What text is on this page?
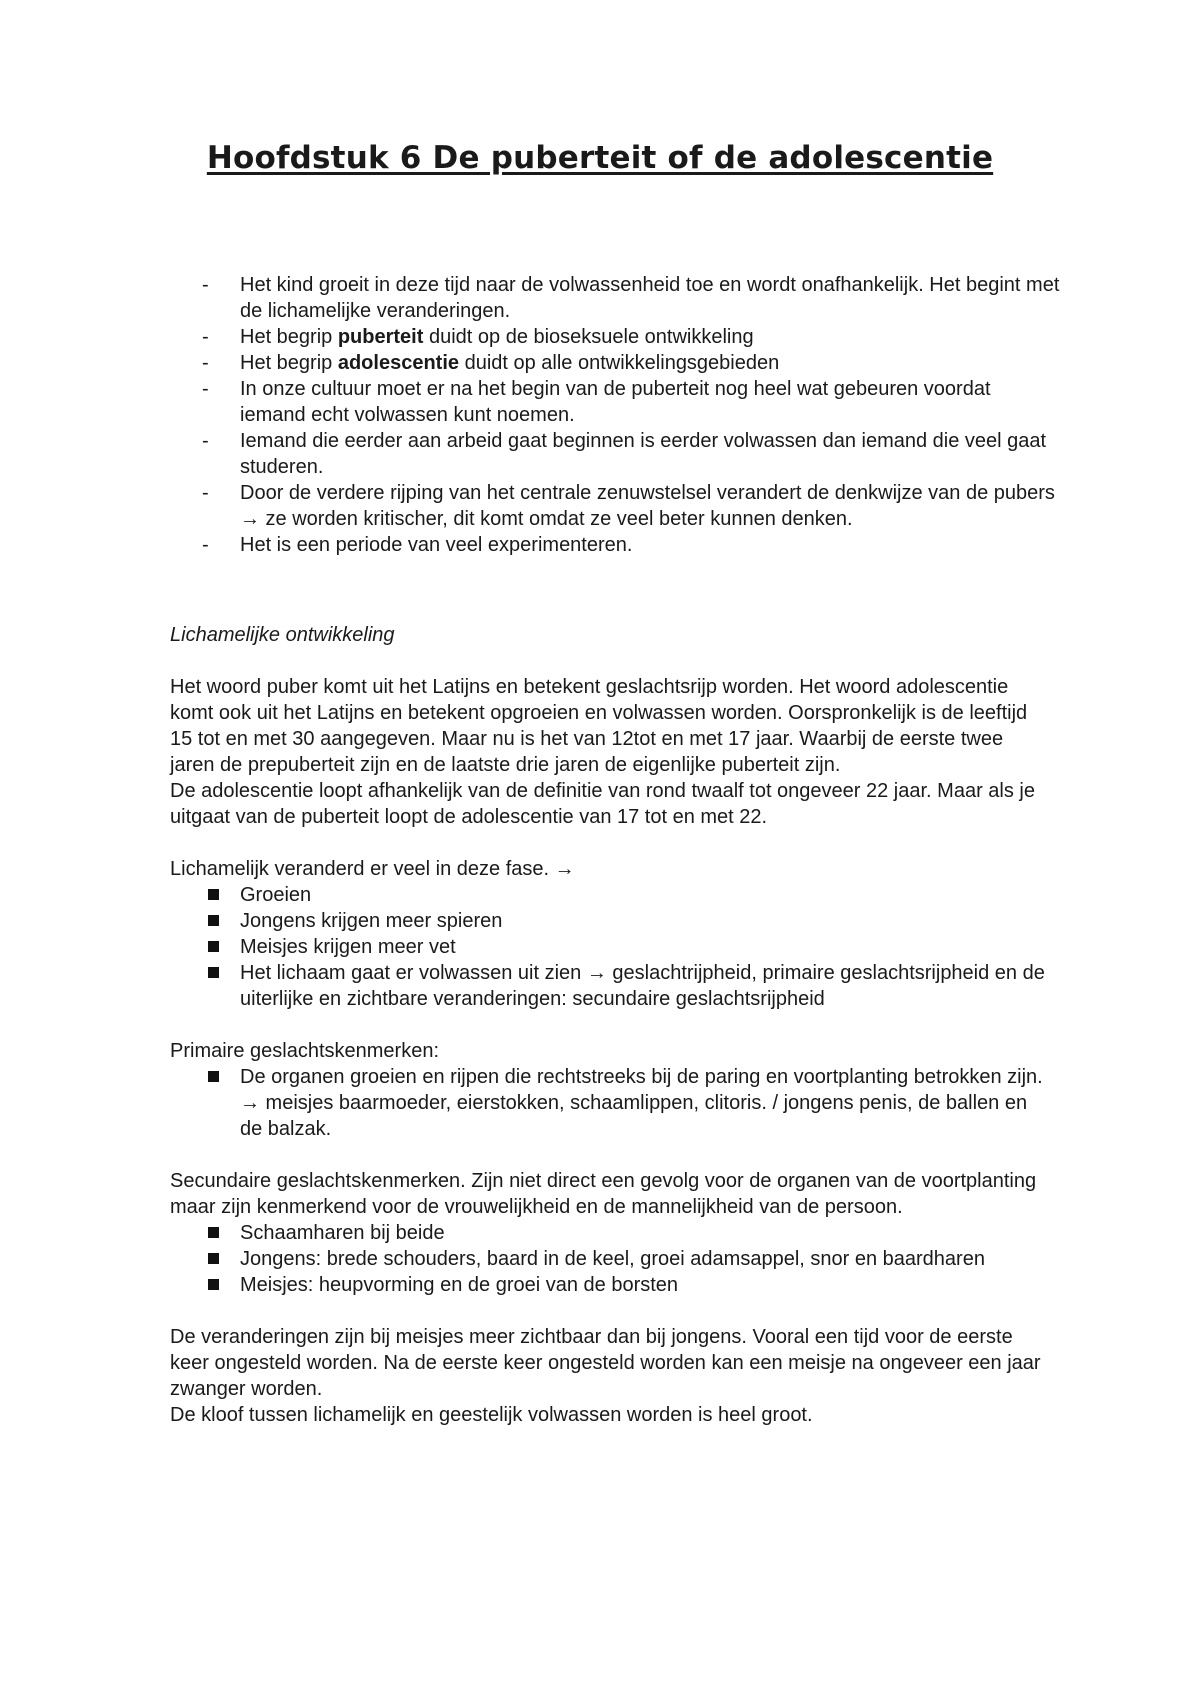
Hoofdstuk 6 De puberteit of de adolescentie
- Het kind groeit in deze tijd naar de volwassenheid toe en wordt onafhankelijk. Het begint met de lichamelijke veranderingen.
- Het begrip puberteit duidt op de bioseksuele ontwikkeling
- Het begrip adolescentie duidt op alle ontwikkelingsgebieden
- In onze cultuur moet er na het begin van de puberteit nog heel wat gebeuren voordat iemand echt volwassen kunt noemen.
- Iemand die eerder aan arbeid gaat beginnen is eerder volwassen dan iemand die veel gaat studeren.
- Door de verdere rijping van het centrale zenuwstelsel verandert de denkwijze van de pubers → ze worden kritischer, dit komt omdat ze veel beter kunnen denken.
- Het is een periode van veel experimenteren.

Lichamelijke ontwikkeling

Het woord puber komt uit het Latijns en betekent geslachtsrijp worden. Het woord adolescentie komt ook uit het Latijns en betekent opgroeien en volwassen worden. Oorspronkelijk is de leeftijd 15 tot en met 30 aangegeven. Maar nu is het van 12tot en met 17 jaar. Waarbij de eerste twee jaren de prepuberteit zijn en de laatste drie jaren de eigenlijke puberteit zijn.

De adolescentie loopt afhankelijk van de definitie van rond twaalf tot ongeveer 22 jaar. Maar als je uitgaat van de puberteit loopt de adolescentie van 17 tot en met 22.

Lichamelijk veranderd er veel in deze fase. →

Groeien
Jongens krijgen meer spieren
Meisjes krijgen meer vet
Het lichaam gaat er volwassen uit zien → geslachtrijpheid, primaire geslachtsrijpheid en de uiterlijke en zichtbare veranderingen: secundaire geslachtsrijpheid

Primaire geslachtskenmerken:

De organen groeien en rijpen die rechtstreeks bij de paring en voortplanting betrokken zijn. → meisjes baarmoeder, eierstokken, schaamlippen, clitoris. / jongens penis, de ballen en de balzak.

Secundaire geslachtskenmerken. Zijn niet direct een gevolg voor de organen van de voortplanting maar zijn kenmerkend voor de vrouwelijkheid en de mannelijkheid van de persoon.

Schaamharen bij beide
Jongens: brede schouders, baard in de keel, groei adamsappel, snor en baardharen
Meisjes: heupvorming en de groei van de borsten

De veranderingen zijn bij meisjes meer zichtbaar dan bij jongens. Vooral een tijd voor de eerste keer ongesteld worden. Na de eerste keer ongesteld worden kan een meisje na ongeveer een jaar zwanger worden.

De kloof tussen lichamelijk en geestelijk volwassen worden is heel groot.
